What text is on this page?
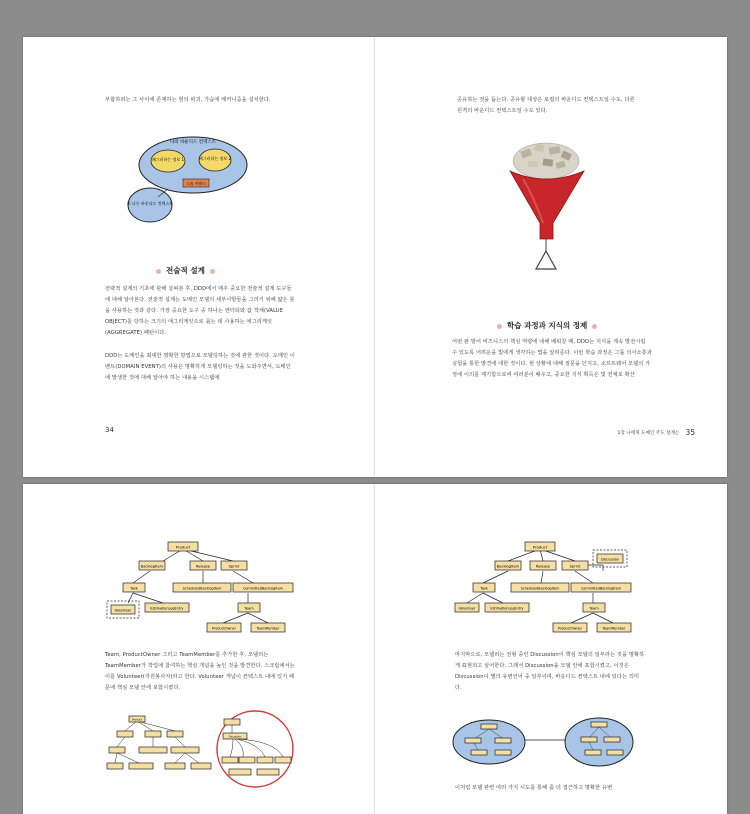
부합하려는 그 사이에 존재하는 현의 파괴, 가습에 메커니즘을 설치한다.
나의 바운디드 컨텍스트
패그러하는 정보 1	패그러하는 정보 2
드롭 어댑터
또 다른 바운디드 컨텍스트
전술적 설계
전략적 설계의 기초에 관해 살펴본 후, DDD에서 매우 중요한 전술적 설계 도구들에 대해 알아본다. 전술적 설계는 도메인 모델의 세부사항들을 그리기 위해 얇은 붓을 사용하는 것과 같다. 가장 중요한 도구 중 하나는 엔터티와 값 객체(VALUE OBJECT)를 당하는 크기의 애그리게잇으로 묶는 데 사용하는 애그리게잇(AGGREGATE) 패턴이다.
DDD는 도메인을 최대한 명확한 방법으로 모델링하는 것에 관한 것이다. 도메인 이벤트(DOMAIN EVENT)의 사용은 명확하게 모델링하는 것을 도와주면서, 도메인에 발생한 것에 대해 알아야 하는 내용을 시스템에
34
공유하는 것을 돕는다. 공유할 대상은 로컬의 바운디드 컨텍스트일 수도, 다른 원격의 바운디드 컨텍스트일 수도 있다.
학습 과정과 지식의 정제
어떤 판 말어 비즈니스의 핵심 역량에 대해 배워갈 때, DDD는 지식을 계속 발전시킬 수 있도록 어려운을 빛에게 생각하는 법을 알려준다. 이런 학습 과정은 그룹 의사소통과 실험을 통한 발견에 대한 것이다. 현 상황에 대해 질문을 던지고, 소프트웨어 모델의 가정에 이의를 제기함으로써 여러분이 배우고, 중요한 지식 획득은 빛 전체로 확산
1장 나에게 도메인 주도 설계는 35
Product
BacklogItem	Release	Sprint
Task	ScheduledBacklogItem	CommittedBacklogItem
Team
Volunteer	EstimationLogEntry
ProductOwner	TeamMember
Team, ProductOwner 그리고 TeamMember를 추가한 후, 모델러는 TeamMember가 작업에 참여하는 핵심 개념을 높인 것을 발견한다. 스크럼에서는 이를 Volunteer(자원봉사자)라고 한다. Volunteer 개념이 컨텍스트 내에 있기 때문에 핵심 모델 안에 포함시켰다.
Product
Discussion
Product
BacklogItem	Release	Sprint
Discussion
Task	ScheduledBacklogItem	CommittedBacklogItem
Team
Volunteer	EstimationLogEntry
ProductOwner	TeamMember
마지막으로, 모델러는 전형 중인 Discussion이 핵심 모델의 일부라는 것을 명확하게 표현되고 싶어한다. 그래서 Discussion을 모델 안에 포함시켰고, 이것은 Discussion이 별의 유변언어 중 일부이며, 바운디드 컨텍스트 내에 있다는 의미다.
이처럼 모델 관련 여러 가지 시도를 통해 좀 더 접근하고 명확한 유변
